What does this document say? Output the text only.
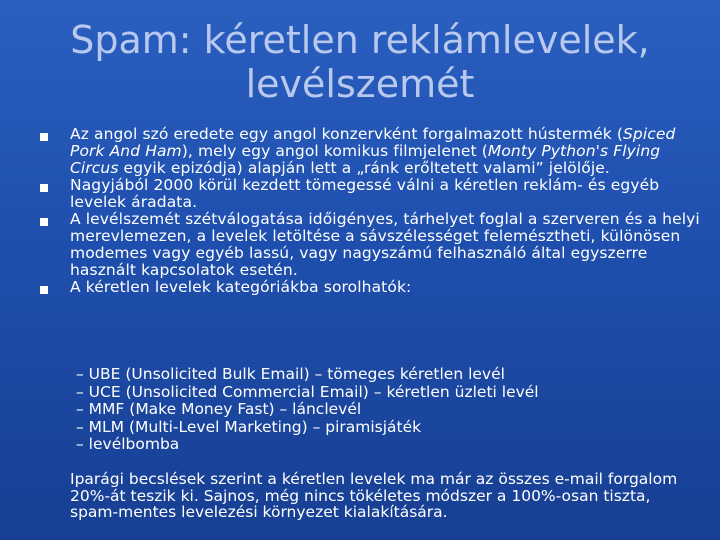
Spam: kéretlen reklámlevelek, levélszemét
Az angol szó eredete egy angol konzervként forgalmazott hústermék (Spiced Pork And Ham), mely egy angol komikus filmjelenet (Monty Python's Flying Circus egyik epizódja) alapján lett a „ránk erőltetett valami” jelölője.
Nagyjából 2000 körül kezdett tömegessé válni a kéretlen reklám- és egyéb levelek áradata.
A levélszemét szétválogatása időigényes, tárhelyet foglal a szerveren és a helyi merevlemezen, a levelek letöltése a sávszélességet felemésztheti, különösen modemes vagy egyéb lassú, vagy nagyszámú felhasználó által egyszerre használt kapcsolatok esetén.
A kéretlen levelek kategóriákba sorolhatók:
– UBE (Unsolicited Bulk Email) – tömeges kéretlen levél
– UCE (Unsolicited Commercial Email) – kéretlen üzleti levél
– MMF (Make Money Fast) – lánclevél
– MLM (Multi-Level Marketing) – piramisjáték
– levélbomba
Iparági becslések szerint a kéretlen levelek ma már az összes e-mail forgalom 20%-át teszik ki. Sajnos, még nincs tökéletes módszer a 100%-osan tiszta, spam-mentes levelezési környezet kialakítására.
